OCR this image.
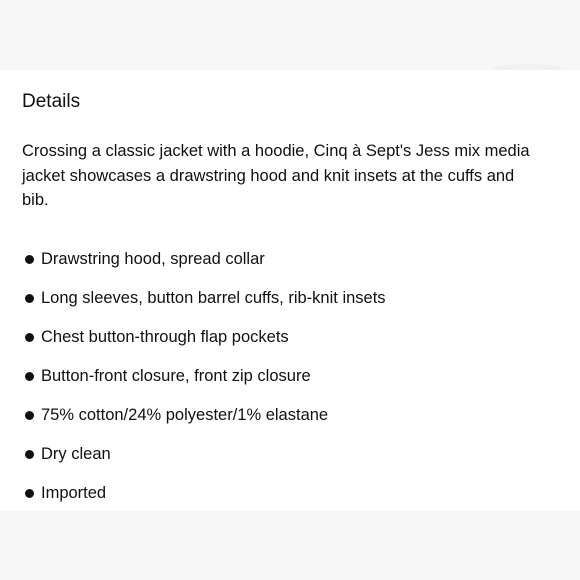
Details

Crossing a classic jacket with a hoodie, Cinq à Sept's Jess mix media jacket showcases a drawstring hood and knit insets at the cuffs and bib.

Drawstring hood, spread collar
Long sleeves, button barrel cuffs, rib-knit insets
Chest button-through flap pockets
Button-front closure, front zip closure
75% cotton/24% polyester/1% elastane
Dry clean
Imported
